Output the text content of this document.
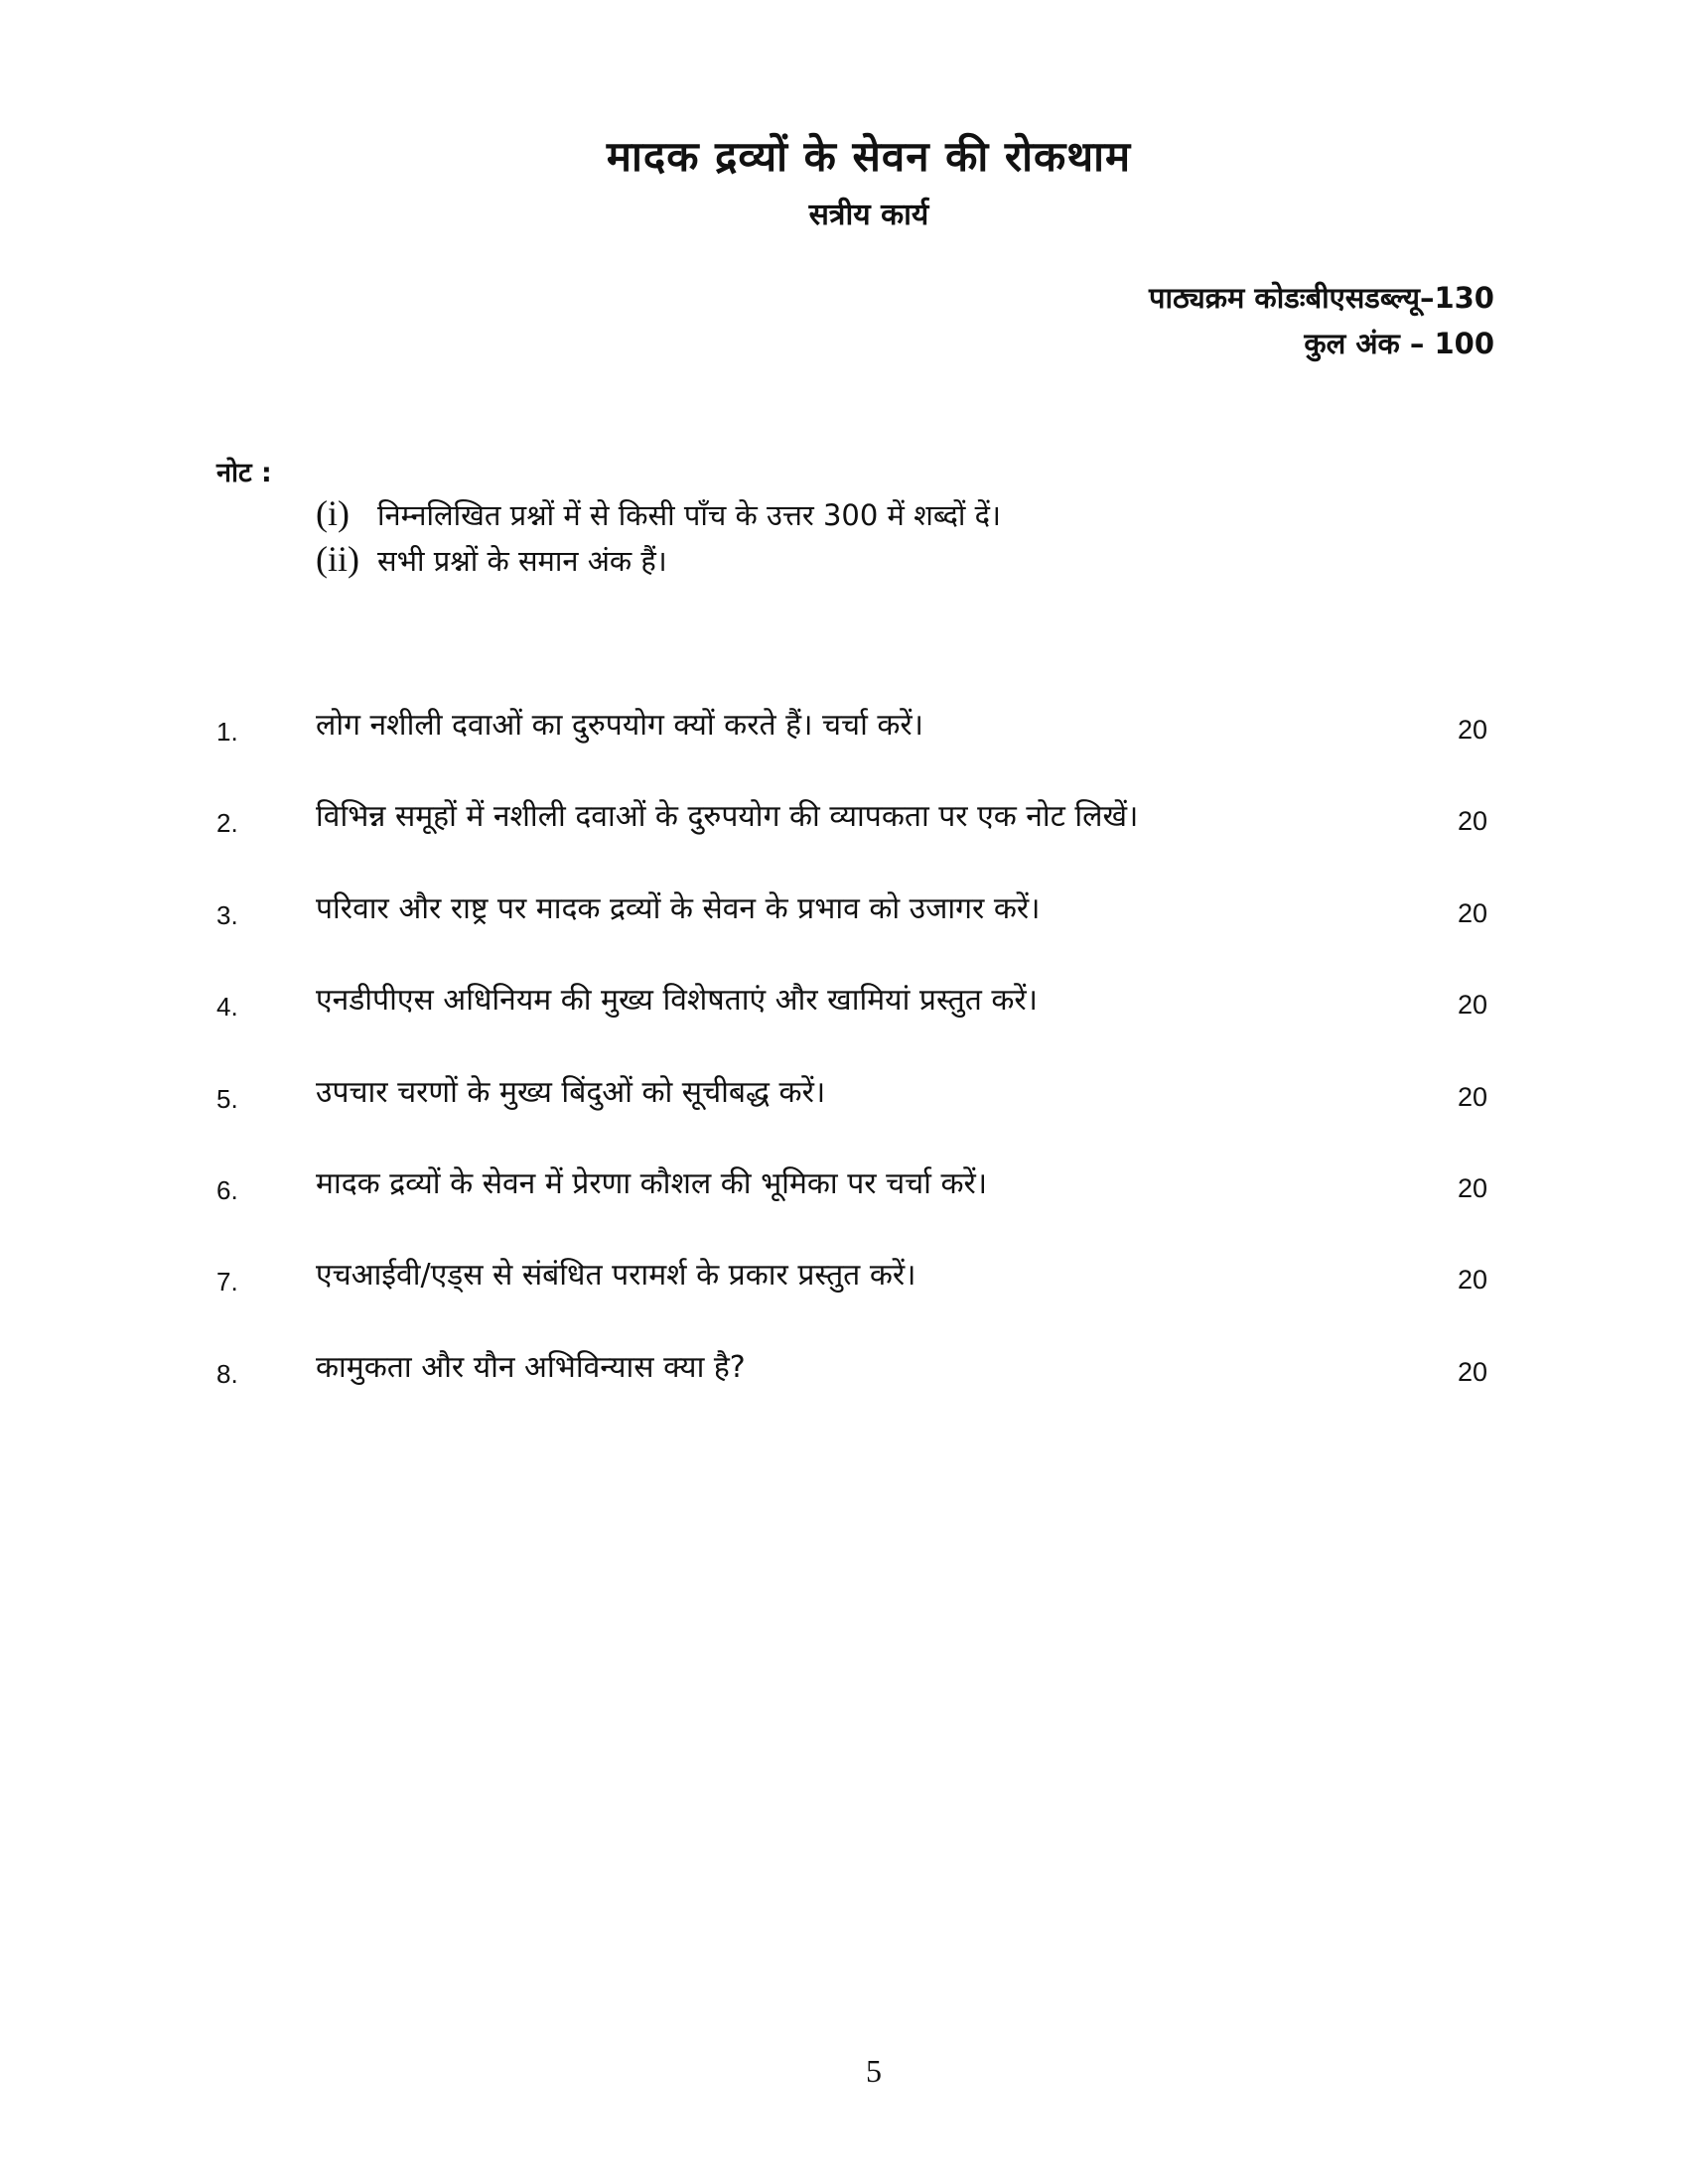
मादक द्रव्यों के सेवन की रोकथाम
सत्रीय कार्य
पाठ्यक्रम कोडःबीएसडब्ल्यू–130
कुल अंक – 100
नोट :
(i) निम्नलिखित प्रश्नों में से किसी पाँच के उत्तर 300 में शब्दों दें।
(ii) सभी प्रश्नों के समान अंक हैं।
1.	लोग नशीली दवाओं का दुरुपयोग क्यों करते हैं। चर्चा करें।	20
2.	विभिन्न समूहों में नशीली दवाओं के दुरुपयोग की व्यापकता पर एक नोट लिखें।	20
3.	परिवार और राष्ट्र पर मादक द्रव्यों के सेवन के प्रभाव को उजागर करें।	20
4.	एनडीपीएस अधिनियम की मुख्य विशेषताएं और खामियां प्रस्तुत करें।	20
5.	उपचार चरणों के मुख्य बिंदुओं को सूचीबद्ध करें।	20
6.	मादक द्रव्यों के सेवन में प्रेरणा कौशल की भूमिका पर चर्चा करें।	20
7.	एचआईवी/एड्स से संबंधित परामर्श के प्रकार प्रस्तुत करें।	20
8.	कामुकता और यौन अभिविन्यास क्या है?	20
5
